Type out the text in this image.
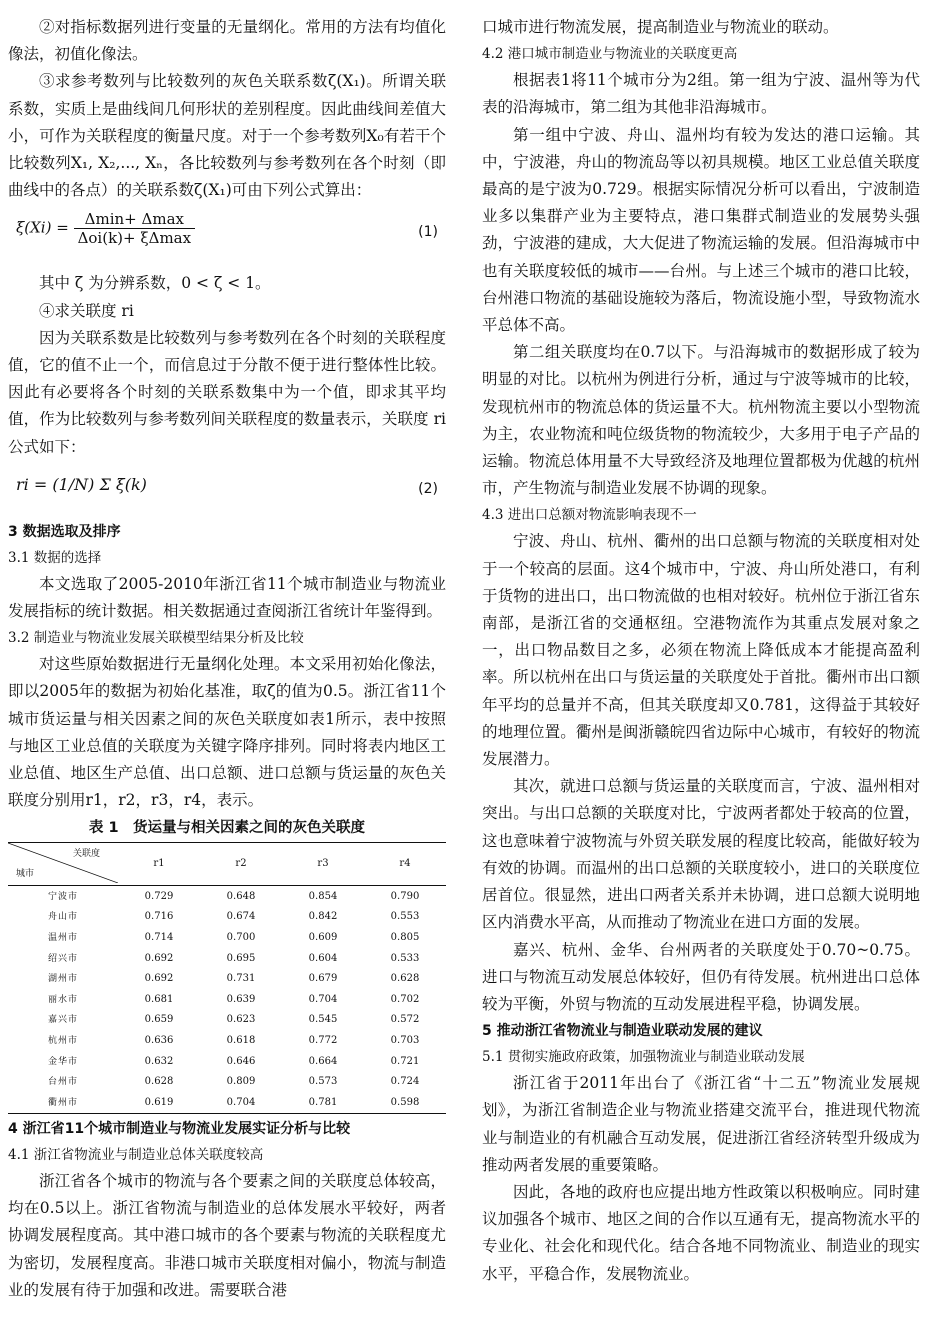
②对指标数据列进行变量的无量纲化。常用的方法有均值化像法，初值化像法。

③求参考数列与比较数列的灰色关联系数ζ(X₁)。所谓关联系数，实质上是曲线间几何形状的差别程度。因此曲线间差值大小，可作为关联程度的衡量尺度。对于一个参考数列X₀有若干个比较数列X₁, X₂,..., Xₙ，各比较数列与参考数列在各个时刻（即曲线中的各点）的关联系数ζ(X₁)可由下列公式算出：

$\xi(Xi) = \frac{\Delta\min+ \Delta\max}{\text{Δoi(k)+ ξΔmax}}$	(1)

其中 ζ 为分辨系数，0 < ζ < 1。

④求关联度 ri

因为关联系数是比较数列与参考数列在各个时刻的关联程度值，它的值不止一个，而信息过于分散不便于进行整体性比较。因此有必要将各个时刻的关联系数集中为一个值，即求其平均值，作为比较数列与参考数列间关联程度的数量表示，关联度 ri 公式如下：

ri = (1/N) Σ ξ(k)	(2)
3 数据选取及排序
3.1 数据的选择

本文选取了2005-2010年浙江省11个城市制造业与物流业发展指标的统计数据。相关数据通过查阅浙江省统计年鉴得到。

3.2 制造业与物流业发展关联模型结果分析及比较

对这些原始数据进行无量纲化处理。本文采用初始化像法，即以2005年的数据为初始化基准，取ζ的值为0.5。浙江省11个城市货运量与相关因素之间的灰色关联度如表1所示，表中按照与地区工业总值的关联度为关键字降序排列。同时将表内地区工业总值、地区生产总值、出口总额、进口总额与货运量的灰色关联度分别用r1，r2，r3，r4，表示。

表 1　货运量与相关因素之间的灰色关联度
关联度
城市	r1	r2	r3	r4
宁波市	0.729	0.648	0.854	0.790
舟山市	0.716	0.674	0.842	0.553
温州市	0.714	0.700	0.609	0.805
绍兴市	0.692	0.695	0.604	0.533
湖州市	0.692	0.731	0.679	0.628
丽水市	0.681	0.639	0.704	0.702
嘉兴市	0.659	0.623	0.545	0.572
杭州市	0.636	0.618	0.772	0.703
金华市	0.632	0.646	0.664	0.721
台州市	0.628	0.809	0.573	0.724
衢州市	0.619	0.704	0.781	0.598
4 浙江省11个城市制造业与物流业发展实证分析与比较
4.1 浙江省物流业与制造业总体关联度较高

浙江省各个城市的物流与各个要素之间的关联度总体较高，均在0.5以上。浙江省物流与制造业的总体发展水平较好，两者协调发展程度高。其中港口城市的各个要素与物流的关联程度尤为密切，发展程度高。非港口城市关联度相对偏小，物流与制造业的发展有待于加强和改进。需要联合港

口城市进行物流发展，提高制造业与物流业的联动。

4.2 港口城市制造业与物流业的关联度更高

根据表1将11个城市分为2组。第一组为宁波、温州等为代表的沿海城市，第二组为其他非沿海城市。

第一组中宁波、舟山、温州均有较为发达的港口运输。其中，宁波港，舟山的物流岛等以初具规模。地区工业总值关联度最高的是宁波为0.729。根据实际情况分析可以看出，宁波制造业多以集群产业为主要特点，港口集群式制造业的发展势头强劲，宁波港的建成，大大促进了物流运输的发展。但沿海城市中也有关联度较低的城市——台州。与上述三个城市的港口比较，台州港口物流的基础设施较为落后，物流设施小型，导致物流水平总体不高。

第二组关联度均在0.7以下。与沿海城市的数据形成了较为明显的对比。以杭州为例进行分析，通过与宁波等城市的比较，发现杭州市的物流总体的货运量不大。杭州物流主要以小型物流为主，农业物流和吨位级货物的物流较少，大多用于电子产品的运输。物流总体用量不大导致经济及地理位置都极为优越的杭州市，产生物流与制造业发展不协调的现象。

4.3 进出口总额对物流影响表现不一

宁波、舟山、杭州、衢州的出口总额与物流的关联度相对处于一个较高的层面。这4个城市中，宁波、舟山所处港口，有利于货物的进出口，出口物流做的也相对较好。杭州位于浙江省东南部，是浙江省的交通枢纽。空港物流作为其重点发展对象之一，出口物品数目之多，必须在物流上降低成本才能提高盈利率。所以杭州在出口与货运量的关联度处于首批。衢州市出口额年平均的总量并不高，但其关联度却又0.781，这得益于其较好的地理位置。衢州是闽浙赣皖四省边际中心城市，有较好的物流发展潜力。

其次，就进口总额与货运量的关联度而言，宁波、温州相对突出。与出口总额的关联度对比，宁波两者都处于较高的位置，这也意味着宁波物流与外贸关联发展的程度比较高，能做好较为有效的协调。而温州的出口总额的关联度较小，进口的关联度位居首位。很显然，进出口两者关系并未协调，进口总额大说明地区内消费水平高，从而推动了物流业在进口方面的发展。

嘉兴、杭州、金华、台州两者的关联度处于0.70~0.75。进口与物流互动发展总体较好，但仍有待发展。杭州进出口总体较为平衡，外贸与物流的互动发展进程平稳，协调发展。

5 推动浙江省物流业与制造业联动发展的建议
5.1 贯彻实施政府政策，加强物流业与制造业联动发展

浙江省于2011年出台了《浙江省“十二五”物流业发展规划》，为浙江省制造企业与物流业搭建交流平台，推进现代物流业与制造业的有机融合互动发展，促进浙江省经济转型升级成为推动两者发展的重要策略。

因此，各地的政府也应提出地方性政策以积极响应。同时建议加强各个城市、地区之间的合作以互通有无，提高物流水平的专业化、社会化和现代化。结合各地不同物流业、制造业的现实水平，平稳合作，发展物流业。
